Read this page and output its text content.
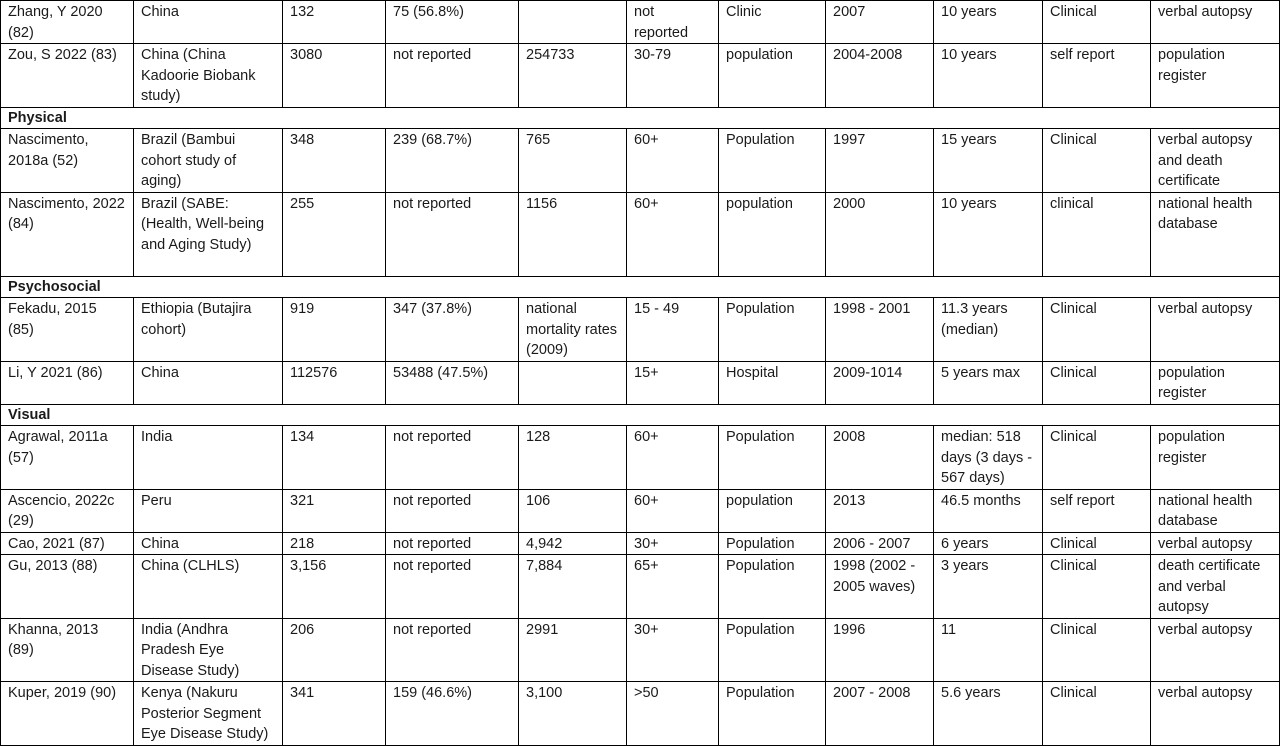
Zhang, Y 2020 (82)	China	132	75 (56.8%)		not reported	Clinic	2007	10 years	Clinical	verbal autopsy
Zou, S 2022 (83)	China (China Kadoorie Biobank study)	3080	not reported	254733	30-79	population	2004-2008	10 years	self report	population register
Physical										
Nascimento, 2018a (52)	Brazil (Bambui cohort study of aging)	348	239 (68.7%)	765	60+	Population	1997	15 years	Clinical	verbal autopsy and death certificate
Nascimento, 2022 (84)	Brazil (SABE: (Health, Well-being and Aging Study)	255	not reported	1156	60+	population	2000	10 years	clinical	national health database
Psychosocial										
Fekadu, 2015 (85)	Ethiopia (Butajira cohort)	919	347 (37.8%)	national mortality rates (2009)	15 - 49	Population	1998 - 2001	11.3 years (median)	Clinical	verbal autopsy
Li, Y 2021 (86)	China	112576	53488 (47.5%)		15+	Hospital	2009-1014	5 years max	Clinical	population register
Visual										
Agrawal, 2011a (57)	India	134	not reported	128	60+	Population	2008	median: 518 days (3 days - 567 days)	Clinical	population register
Ascencio, 2022c (29)	Peru	321	not reported	106	60+	population	2013	46.5 months	self report	national health database
Cao, 2021 (87)	China	218	not reported	4,942	30+	Population	2006 - 2007	6 years	Clinical	verbal autopsy
Gu, 2013 (88)	China (CLHLS)	3,156	not reported	7,884	65+	Population	1998 (2002 - 2005 waves)	3 years	Clinical	death certificate and verbal autopsy
Khanna, 2013 (89)	India (Andhra Pradesh Eye Disease Study)	206	not reported	2991	30+	Population	1996	11	Clinical	verbal autopsy
Kuper, 2019 (90)	Kenya (Nakuru Posterior Segment Eye Disease Study)	341	159 (46.6%)	3,100	>50	Population	2007 - 2008	5.6 years	Clinical	verbal autopsy
